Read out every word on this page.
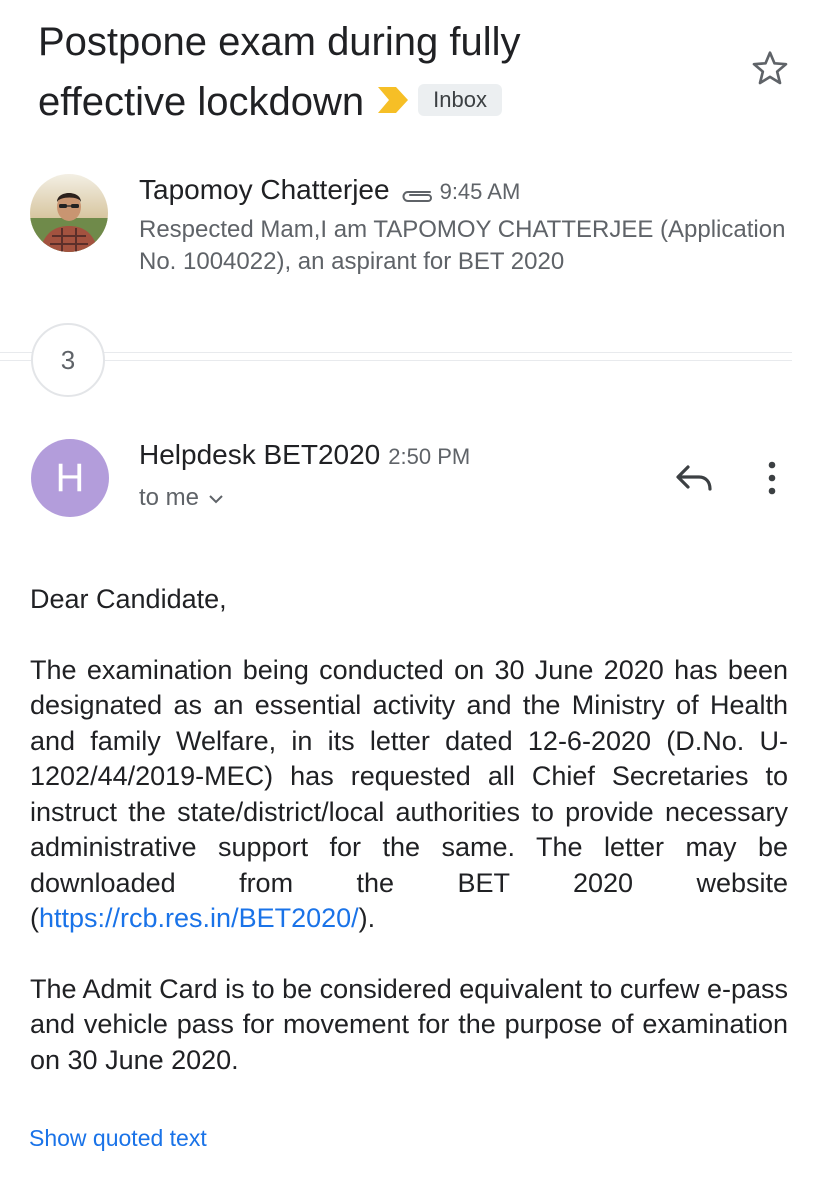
Postpone exam during fully effective lockdown	Inbox
Tapomoy Chatterjee 9:45 AM
Respected Mam,I am TAPOMOY CHATTERJEE (Application No. 1004022), an aspirant for BET 2020
3
H
Helpdesk BET2020 2:50 PM
to me

Dear Candidate,

The examination being conducted on 30 June 2020 has been designated as an essential activity and the Ministry of Health and family Welfare, in its letter dated 12-6-2020 (D.No. U-1202/44/2019-MEC) has requested all Chief Secretaries to instruct the state/district/local authorities to provide necessary administrative support for the same. The letter may be downloaded from the BET 2020 website (https://rcb.res.in/BET2020/).

The Admit Card is to be considered equivalent to curfew e-pass and vehicle pass for movement for the purpose of examination on 30 June 2020.

Show quoted text
